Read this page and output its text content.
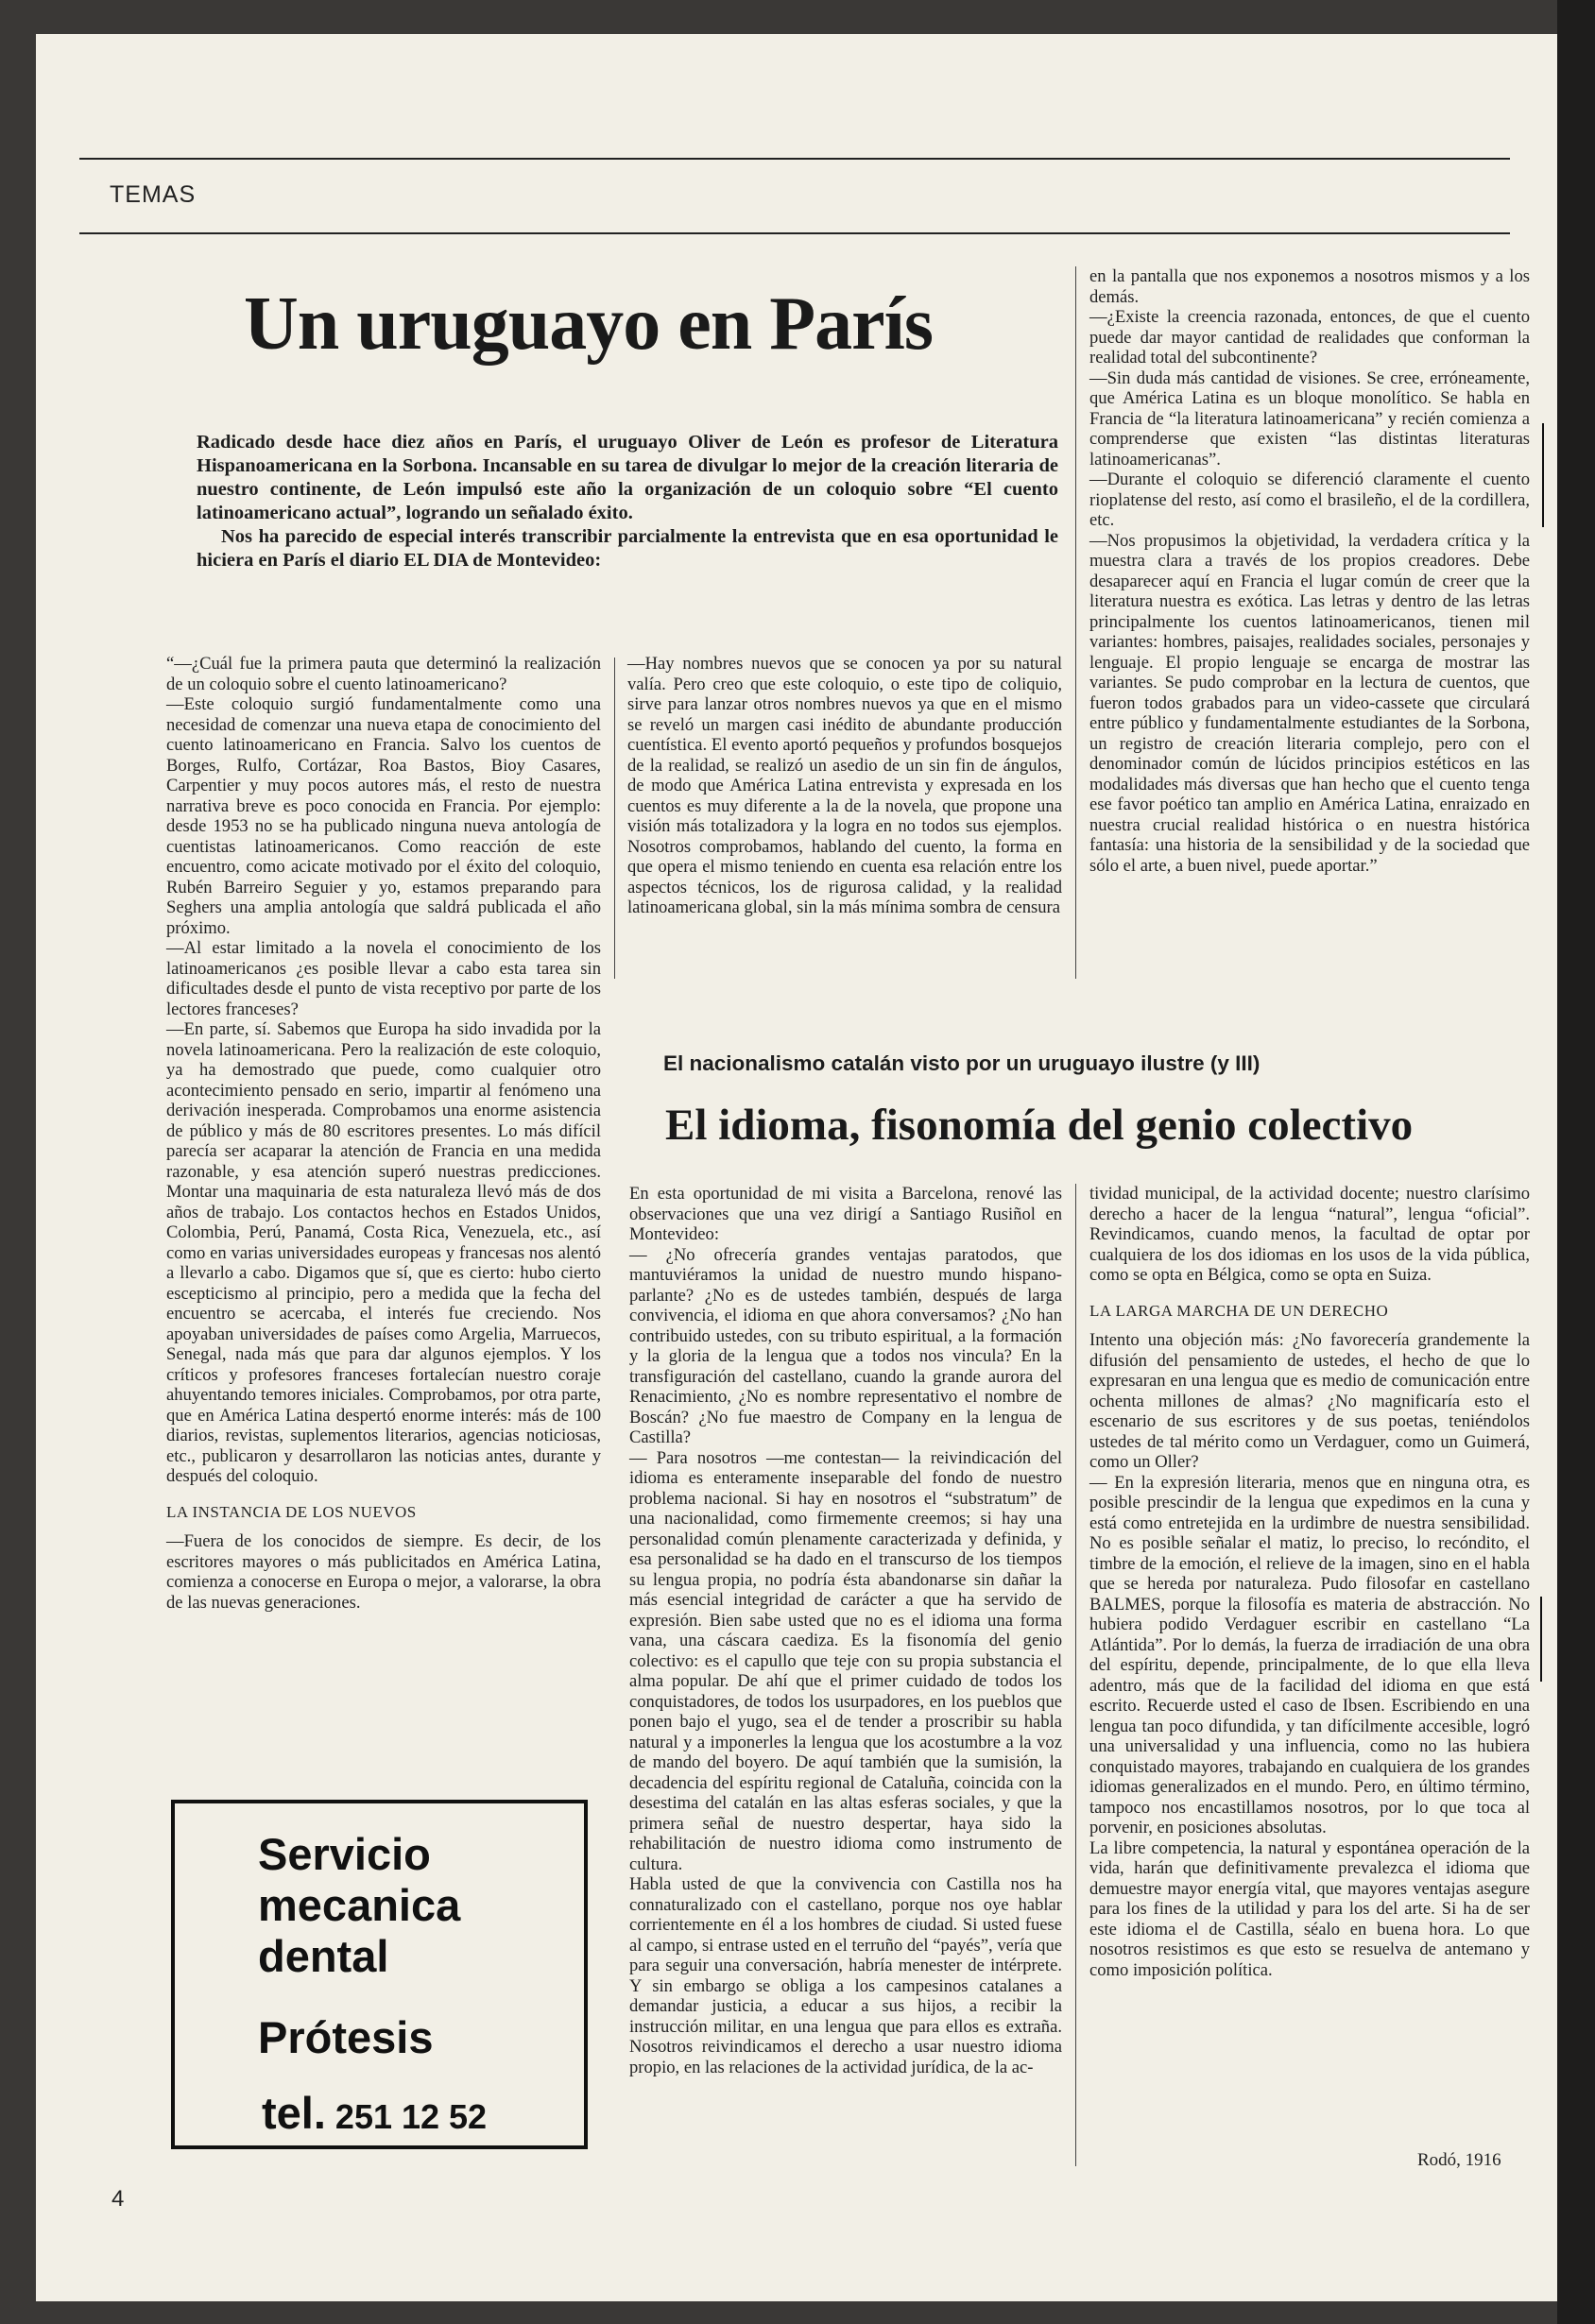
TEMAS
Un uruguayo en París

Radicado desde hace diez años en París, el uruguayo Oliver de León es profesor de Literatura Hispanoamericana en la Sorbona. Incansable en su tarea de divulgar lo mejor de la creación literaria de nuestro continente, de León impulsó este año la organización de un coloquio sobre “El cuento latinoamericano actual”, logrando un señalado éxito.

Nos ha parecido de especial interés transcribir parcialmente la entrevista que en esa oportunidad le hiciera en París el diario EL DIA de Montevideo:

“—¿Cuál fue la primera pauta que determinó la realización de un coloquio sobre el cuento latinoamericano?

—Este coloquio surgió fundamentalmente como una necesidad de comenzar una nueva etapa de conocimiento del cuento latinoamericano en Francia. Salvo los cuentos de Borges, Rulfo, Cortázar, Roa Bastos, Bioy Casares, Carpentier y muy pocos autores más, el resto de nuestra narrativa breve es poco conocida en Francia. Por ejemplo: desde 1953 no se ha publicado ninguna nueva antología de cuentistas latinoamericanos. Como reacción de este encuentro, como acicate motivado por el éxito del coloquio, Rubén Barreiro Seguier y yo, estamos preparando para Seghers una amplia antología que saldrá publicada el año próximo.

—Al estar limitado a la novela el conocimiento de los latinoamericanos ¿es posible llevar a cabo esta tarea sin dificultades desde el punto de vista receptivo por parte de los lectores franceses?

—En parte, sí. Sabemos que Europa ha sido invadida por la novela latinoamericana. Pero la realización de este coloquio, ya ha demostrado que puede, como cualquier otro acontecimiento pensado en serio, impartir al fenómeno una derivación inesperada. Comprobamos una enorme asistencia de público y más de 80 escritores presentes. Lo más difícil parecía ser acaparar la atención de Francia en una medida razonable, y esa atención superó nuestras predicciones. Montar una maquinaria de esta naturaleza llevó más de dos años de trabajo. Los contactos hechos en Estados Unidos, Colombia, Perú, Panamá, Costa Rica, Venezuela, etc., así como en varias universidades europeas y francesas nos alentó a llevarlo a cabo. Digamos que sí, que es cierto: hubo cierto escepticismo al principio, pero a medida que la fecha del encuentro se acercaba, el interés fue creciendo. Nos apoyaban universidades de países como Argelia, Marruecos, Senegal, nada más que para dar algunos ejemplos. Y los críticos y profesores franceses fortalecían nuestro coraje ahuyentando temores iniciales. Comprobamos, por otra parte, que en América Latina despertó enorme interés: más de 100 diarios, revistas, suplementos literarios, agencias noticiosas, etc., publicaron y desarrollaron las noticias antes, durante y después del coloquio.

LA INSTANCIA DE LOS NUEVOS

—Fuera de los conocidos de siempre. Es decir, de los escritores mayores o más publicitados en América Latina, comienza a conocerse en Europa o mejor, a valorarse, la obra de las nuevas generaciones.

—Hay nombres nuevos que se conocen ya por su natural valía. Pero creo que este coloquio, o este tipo de coliquio, sirve para lanzar otros nombres nuevos ya que en el mismo se reveló un margen casi inédito de abundante producción cuentística. El evento aportó pequeños y profundos bosquejos de la realidad, se realizó un asedio de un sin fin de ángulos, de modo que América Latina entrevista y expresada en los cuentos es muy diferente a la de la novela, que propone una visión más totalizadora y la logra en no todos sus ejemplos. Nosotros comprobamos, hablando del cuento, la forma en que opera el mismo teniendo en cuenta esa relación entre los aspectos técnicos, los de rigurosa calidad, y la realidad latinoamericana global, sin la más mínima sombra de censura

en la pantalla que nos exponemos a nosotros mismos y a los demás.

—¿Existe la creencia razonada, entonces, de que el cuento puede dar mayor cantidad de realidades que conforman la realidad total del subcontinente?

—Sin duda más cantidad de visiones. Se cree, erróneamente, que América Latina es un bloque monolítico. Se habla en Francia de “la literatura latinoamericana” y recién comienza a comprenderse que existen “las distintas literaturas latinoamericanas”.

—Durante el coloquio se diferenció claramente el cuento rioplatense del resto, así como el brasileño, el de la cordillera, etc.

—Nos propusimos la objetividad, la verdadera crítica y la muestra clara a través de los propios creadores. Debe desaparecer aquí en Francia el lugar común de creer que la literatura nuestra es exótica. Las letras y dentro de las letras principalmente los cuentos latinoamericanos, tienen mil variantes: hombres, paisajes, realidades sociales, personajes y lenguaje. El propio lenguaje se encarga de mostrar las variantes. Se pudo comprobar en la lectura de cuentos, que fueron todos grabados para un video-cassete que circulará entre público y fundamentalmente estudiantes de la Sorbona, un registro de creación literaria complejo, pero con el denominador común de lúcidos principios estéticos en las modalidades más diversas que han hecho que el cuento tenga ese favor poético tan amplio en América Latina, enraizado en nuestra crucial realidad histórica o en nuestra histórica fantasía: una historia de la sensibilidad y de la sociedad que sólo el arte, a buen nivel, puede aportar.”

El nacionalismo catalán visto por un uruguayo ilustre (y III)
El idioma, fisonomía del genio colectivo

En esta oportunidad de mi visita a Barcelona, renové las observaciones que una vez dirigí a Santiago Rusiñol en Montevideo:

— ¿No ofrecería grandes ventajas paratodos, que mantuviéramos la unidad de nuestro mundo hispano-parlante? ¿No es de ustedes también, después de larga convivencia, el idioma en que ahora conversamos? ¿No han contribuido ustedes, con su tributo espiritual, a la formación y la gloria de la lengua que a todos nos vincula? En la transfiguración del castellano, cuando la grande aurora del Renacimiento, ¿No es nombre representativo el nombre de Boscán? ¿No fue maestro de Company en la lengua de Castilla?

— Para nosotros —me contestan— la reivindicación del idioma es enteramente inseparable del fondo de nuestro problema nacional. Si hay en nosotros el “substratum” de una nacionalidad, como firmemente creemos; si hay una personalidad común plenamente caracterizada y definida, y esa personalidad se ha dado en el transcurso de los tiempos su lengua propia, no podría ésta abandonarse sin dañar la más esencial integridad de carácter a que ha servido de expresión. Bien sabe usted que no es el idioma una forma vana, una cáscara caediza. Es la fisonomía del genio colectivo: es el capullo que teje con su propia substancia el alma popular. De ahí que el primer cuidado de todos los conquistadores, de todos los usurpadores, en los pueblos que ponen bajo el yugo, sea el de tender a proscribir su habla natural y a imponerles la lengua que los acostumbre a la voz de mando del boyero. De aquí también que la sumisión, la decadencia del espíritu regional de Cataluña, coincida con la desestima del catalán en las altas esferas sociales, y que la primera señal de nuestro despertar, haya sido la rehabilitación de nuestro idioma como instrumento de cultura.

Habla usted de que la convivencia con Castilla nos ha connaturalizado con el castellano, porque nos oye hablar corrientemente en él a los hombres de ciudad. Si usted fuese al campo, si entrase usted en el terruño del “payés”, vería que para seguir una conversación, habría menester de intérprete. Y sin embargo se obliga a los campesinos catalanes a demandar justicia, a educar a sus hijos, a recibir la instrucción militar, en una lengua que para ellos es extraña. Nosotros reivindicamos el derecho a usar nuestro idioma propio, en las relaciones de la actividad jurídica, de la ac-

tividad municipal, de la actividad docente; nuestro clarísimo derecho a hacer de la lengua “natural”, lengua “oficial”. Revindicamos, cuando menos, la facultad de optar por cualquiera de los dos idiomas en los usos de la vida pública, como se opta en Bélgica, como se opta en Suiza.

LA LARGA MARCHA DE UN DERECHO

Intento una objeción más: ¿No favorecería grandemente la difusión del pensamiento de ustedes, el hecho de que lo expresaran en una lengua que es medio de comunicación entre ochenta millones de almas? ¿No magnificaría esto el escenario de sus escritores y de sus poetas, teniéndolos ustedes de tal mérito como un Verdaguer, como un Guimerá, como un Oller?

— En la expresión literaria, menos que en ninguna otra, es posible prescindir de la lengua que expedimos en la cuna y está como entretejida en la urdimbre de nuestra sensibilidad. No es posible señalar el matiz, lo preciso, lo recóndito, el timbre de la emoción, el relieve de la imagen, sino en el habla que se hereda por naturaleza. Pudo filosofar en castellano BALMES, porque la filosofía es materia de abstracción. No hubiera podido Verdaguer escribir en castellano “La Atlántida”. Por lo demás, la fuerza de irradiación de una obra del espíritu, depende, principalmente, de lo que ella lleva adentro, más que de la facilidad del idioma en que está escrito. Recuerde usted el caso de Ibsen. Escribiendo en una lengua tan poco difundida, y tan difícilmente accesible, logró una universalidad y una influencia, como no las hubiera conquistado mayores, trabajando en cualquiera de los grandes idiomas generalizados en el mundo. Pero, en último término, tampoco nos encastillamos nosotros, por lo que toca al porvenir, en posiciones absolutas.

La libre competencia, la natural y espontánea operación de la vida, harán que definitivamente prevalezca el idioma que demuestre mayor energía vital, que mayores ventajas asegure para los fines de la utilidad y para los del arte. Si ha de ser este idioma el de Castilla, séalo en buena hora. Lo que nosotros resistimos es que esto se resuelva de antemano y como imposición política.

Rodó, 1916
Servicio
mecanica
dental
Prótesis
tel. 251 12 52
4
